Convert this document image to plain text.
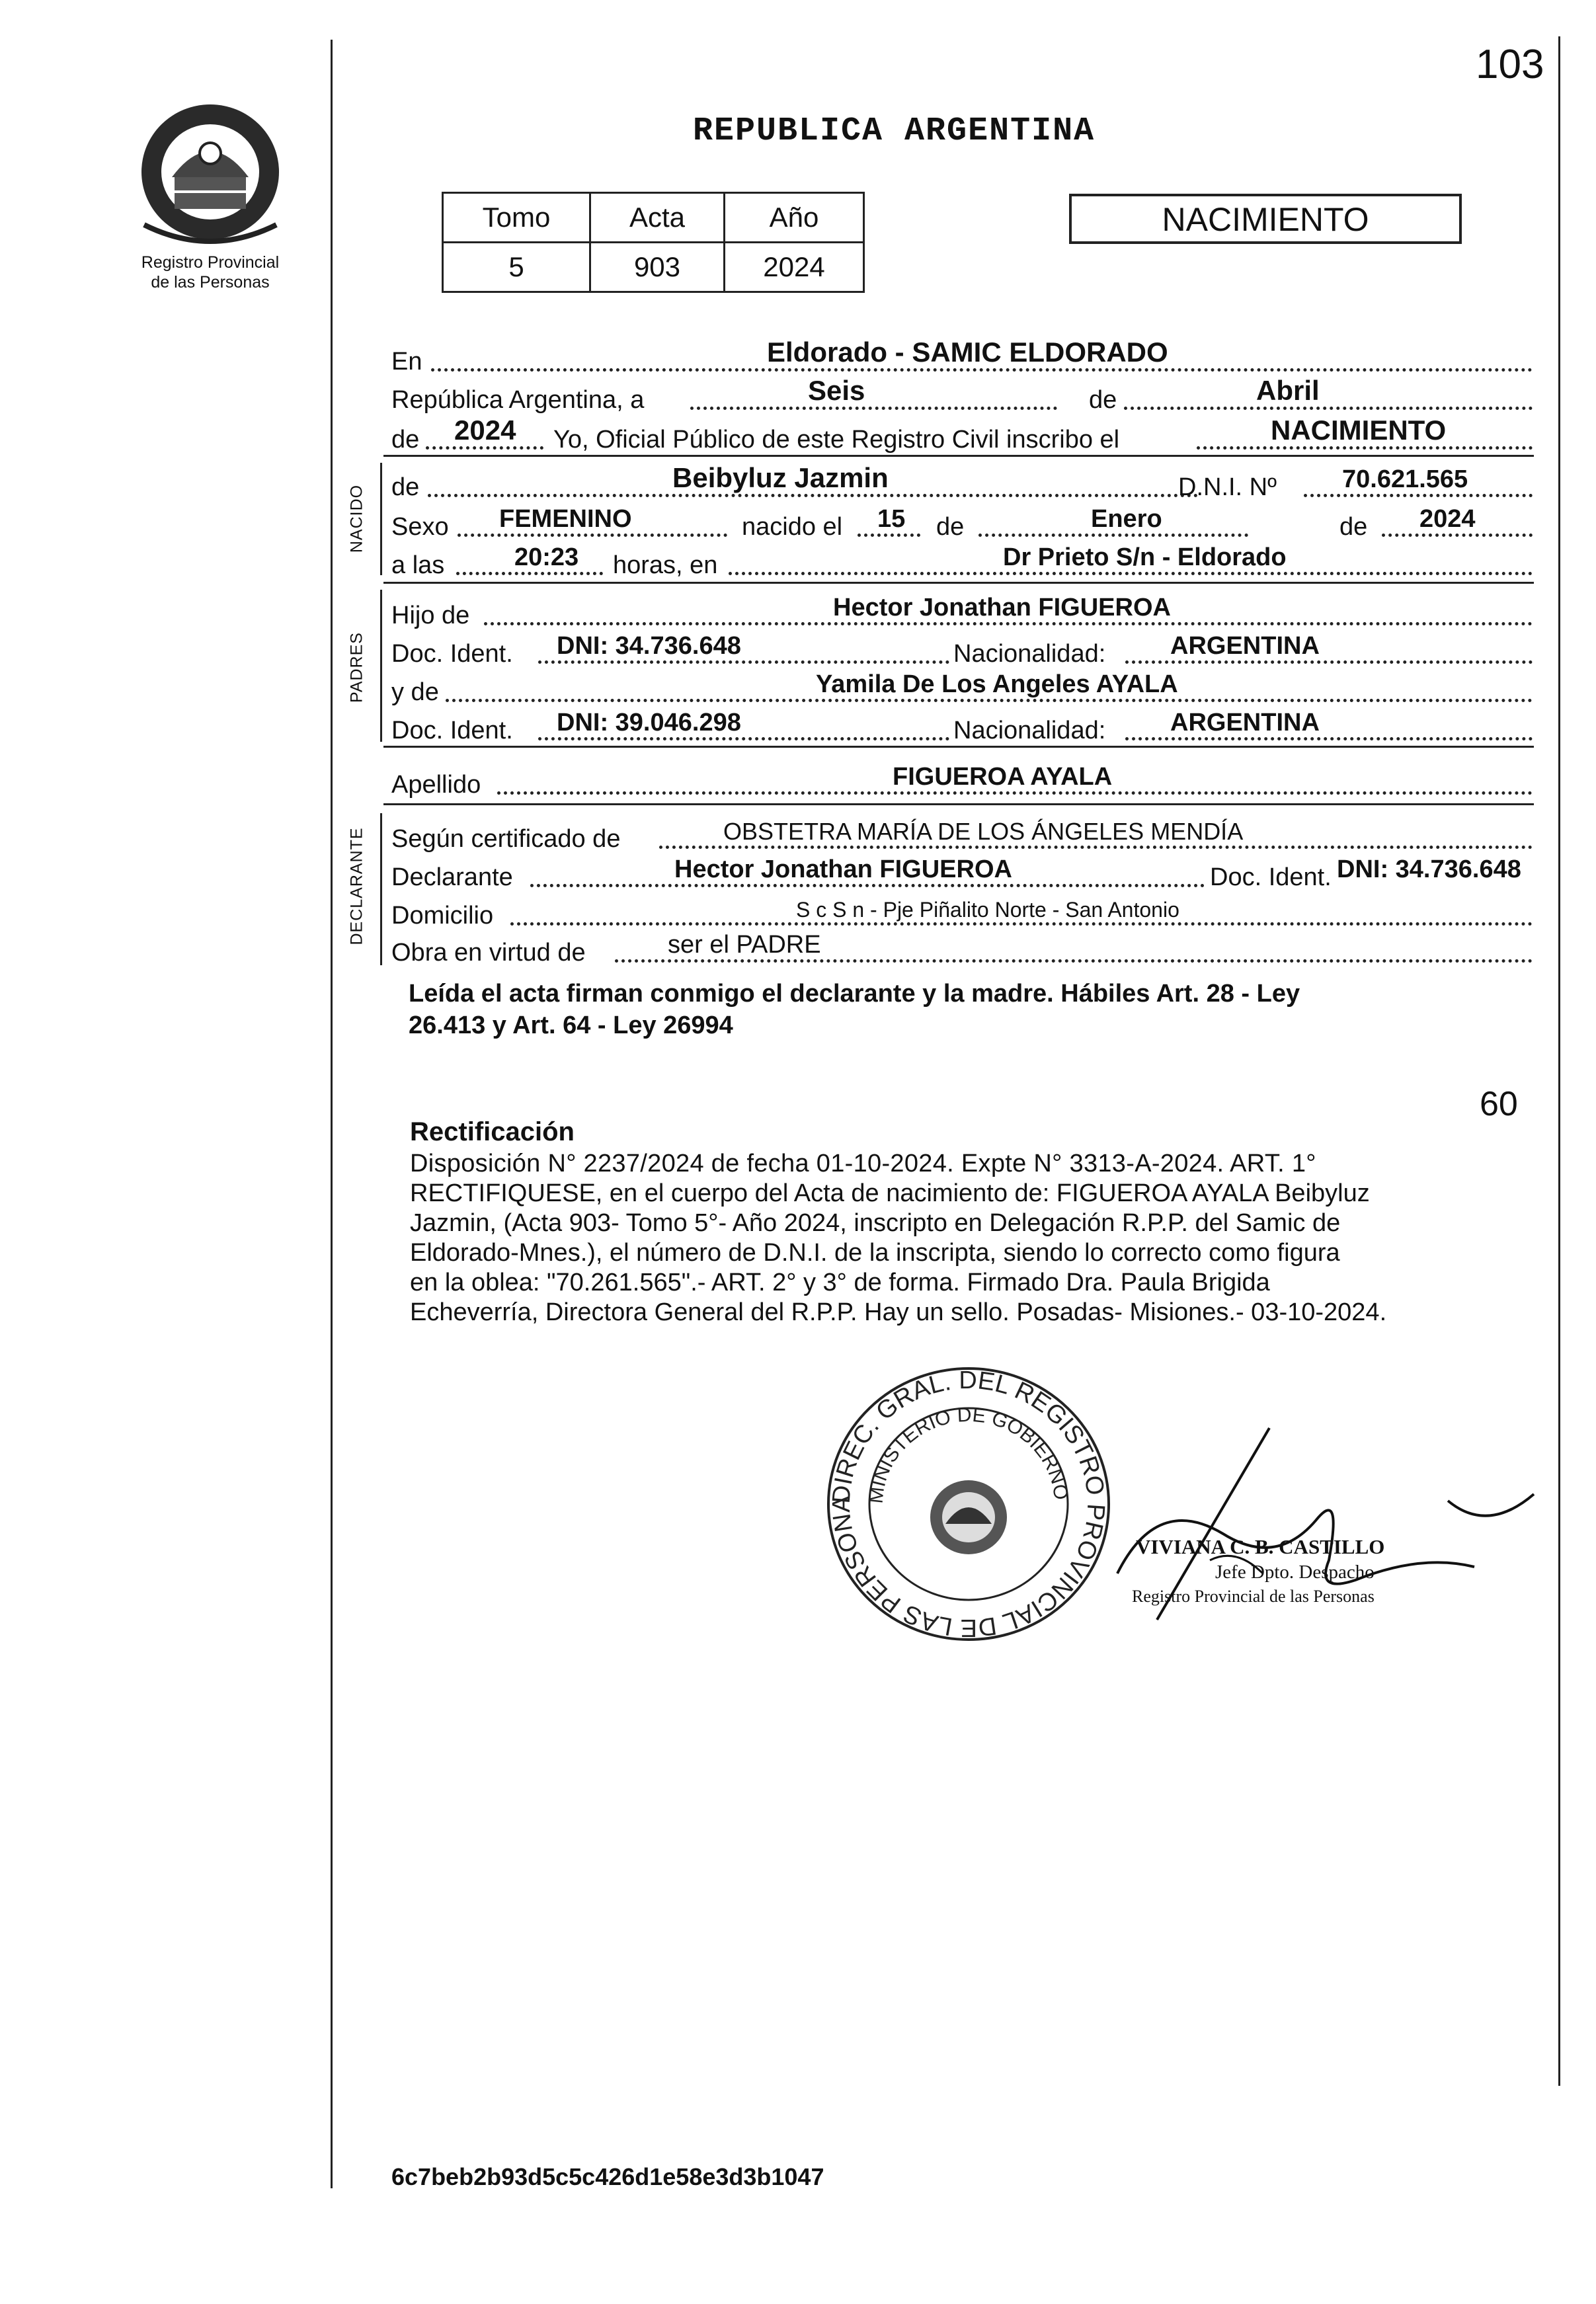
103
Registro Provincial
de las Personas
REPUBLICA ARGENTINA
Tomo	Acta	Año
5	903	2024
NACIMIENTO
En	Eldorado - SAMIC ELDORADO
República Argentina, a	Seis	de	Abril
de 2024 Yo, Oficial Público de este Registro Civil inscribo el	NACIMIENTO
NACIDO de	Beibyluz Jazmin	D.N.I. Nº	70.621.565
Sexo FEMENINO	nacido el 15 de	Enero	de 2024
a las	20:23 horas, en	Dr Prieto S/n - Eldorado
PADRES
Hijo de	Hector Jonathan FIGUEROA
Doc. Ident. DNI: 34.736.648	Nacionalidad:	ARGENTINA
y de	Yamila De Los Angeles AYALA
Doc. Ident. DNI: 39.046.298	Nacionalidad:	ARGENTINA
Apellido	FIGUEROA AYALA
DECLARANTE Según certificado de	OBSTETRA MARÍA DE LOS ÁNGELES MENDÍA
Declarante	Hector Jonathan FIGUEROA	Doc. Ident. DNI: 34.736.648
Domicilio	S c S n - Pje Piñalito Norte - San Antonio
Obra en virtud de	ser el PADRE
Leída el acta firman conmigo el declarante y la madre. Hábiles Art. 28 - Ley
26.413 y Art. 64 - Ley 26994
60
Rectificación
Disposición N° 2237/2024 de fecha 01-10-2024. Expte N° 3313-A-2024. ART. 1°
RECTIFIQUESE, en el cuerpo del Acta de nacimiento de: FIGUEROA AYALA Beibyluz
Jazmin, (Acta 903- Tomo 5°- Año 2024, inscripto en Delegación R.P.P. del Samic de
Eldorado-Mnes.), el número de D.N.I. de la inscripta, siendo lo correcto como figura
en la oblea: "70.261.565".- ART. 2° y 3° de forma. Firmado Dra. Paula Brigida
Echeverría, Directora General del R.P.P. Hay un sello. Posadas- Misiones.- 03-10-2024.
DIREC. GRAL. DEL REGISTRO PROVINCIAL DE LAS PERSONA MINISTERIO DE GOBIERNO
VIVIANA C. B. CASTILLO
Jefe Dpto. Despacho
Registro Provincial de las Personas
6c7beb2b93d5c5c426d1e58e3d3b1047
